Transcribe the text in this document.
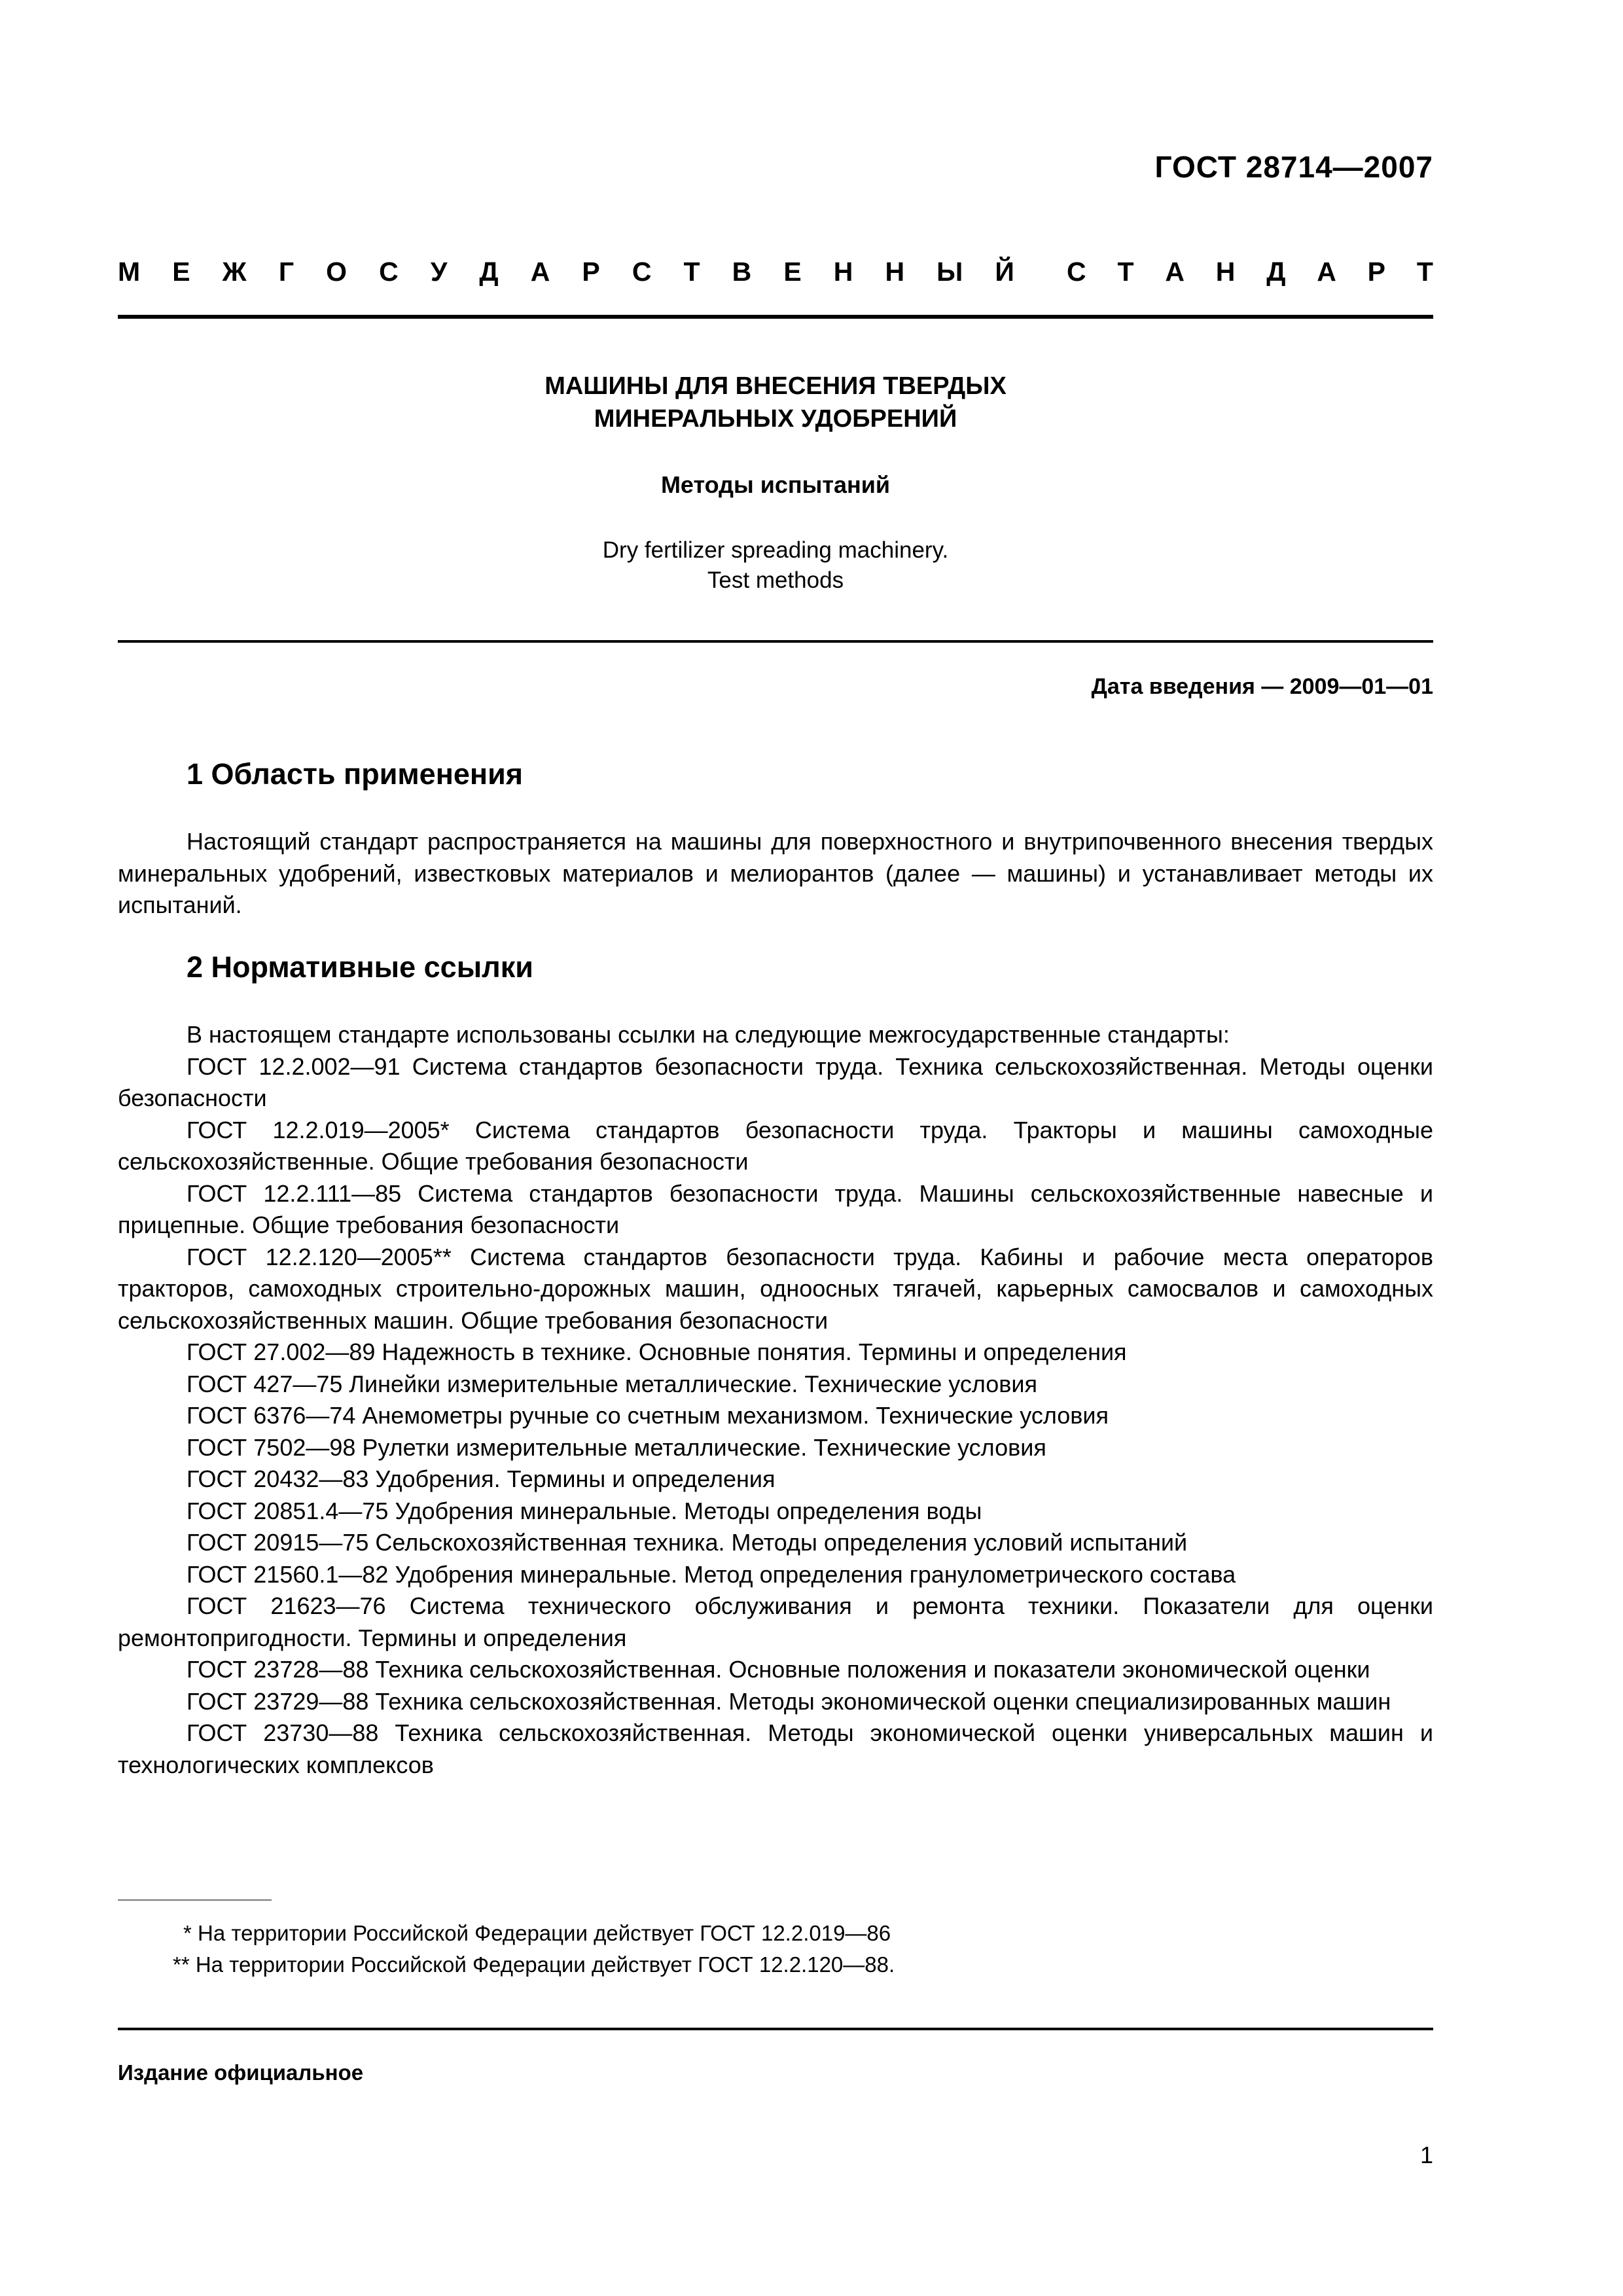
ГОСТ 28714—2007
М Е Ж Г О С У Д А Р С Т В Е Н Н Ы Й С Т А Н Д А Р Т
МАШИНЫ ДЛЯ ВНЕСЕНИЯ ТВЕРДЫХ
МИНЕРАЛЬНЫХ УДОБРЕНИЙ
Методы испытаний
Dry fertilizer spreading machinery.
Test methods
Дата введения — 2009—01—01
1 Область применения

Настоящий стандарт распространяется на машины для поверхностного и внутрипочвенного внесения твердых минеральных удобрений, известковых материалов и мелиорантов (далее — машины) и устанавливает методы их испытаний.

2 Нормативные ссылки

В настоящем стандарте использованы ссылки на следующие межгосударственные стандарты:

ГОСТ 12.2.002—91 Система стандартов безопасности труда. Техника сельскохозяйственная. Методы оценки безопасности

ГОСТ 12.2.019—2005* Система стандартов безопасности труда. Тракторы и машины самоходные сельскохозяйственные. Общие требования безопасности

ГОСТ 12.2.111—85 Система стандартов безопасности труда. Машины сельскохозяйственные навесные и прицепные. Общие требования безопасности

ГОСТ 12.2.120—2005** Система стандартов безопасности труда. Кабины и рабочие места операторов тракторов, самоходных строительно-дорожных машин, одноосных тягачей, карьерных самосвалов и самоходных сельскохозяйственных машин. Общие требования безопасности

ГОСТ 27.002—89 Надежность в технике. Основные понятия. Термины и определения

ГОСТ 427—75 Линейки измерительные металлические. Технические условия

ГОСТ 6376—74 Анемометры ручные со счетным механизмом. Технические условия

ГОСТ 7502—98 Рулетки измерительные металлические. Технические условия

ГОСТ 20432—83 Удобрения. Термины и определения

ГОСТ 20851.4—75 Удобрения минеральные. Методы определения воды

ГОСТ 20915—75 Сельскохозяйственная техника. Методы определения условий испытаний

ГОСТ 21560.1—82 Удобрения минеральные. Метод определения гранулометрического состава

ГОСТ 21623—76 Система технического обслуживания и ремонта техники. Показатели для оценки ремонтопригодности. Термины и определения

ГОСТ 23728—88 Техника сельскохозяйственная. Основные положения и показатели экономической оценки

ГОСТ 23729—88 Техника сельскохозяйственная. Методы экономической оценки специализированных машин

ГОСТ 23730—88 Техника сельскохозяйственная. Методы экономической оценки универсальных машин и технологических комплексов

* На территории Российской Федерации действует ГОСТ 12.2.019—86
** На территории Российской Федерации действует ГОСТ 12.2.120—88.
Издание официальное
1
